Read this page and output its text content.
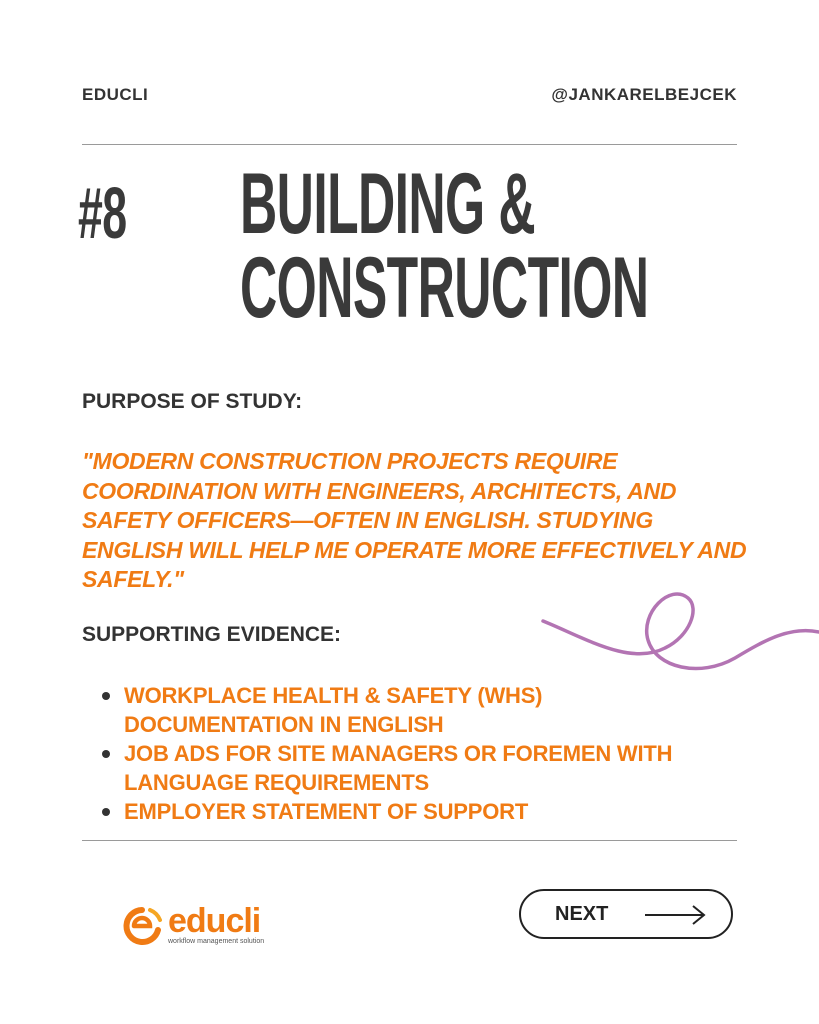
EDUCLI	@JANKARELBEJCEK
#8 BUILDING &
CONSTRUCTION
PURPOSE OF STUDY:
"MODERN CONSTRUCTION PROJECTS REQUIRE
COORDINATION WITH ENGINEERS, ARCHITECTS, AND
SAFETY OFFICERS—OFTEN IN ENGLISH. STUDYING
ENGLISH WILL HELP ME OPERATE MORE EFFECTIVELY AND
SAFELY."
SUPPORTING EVIDENCE:
WORKPLACE HEALTH & SAFETY (WHS)
DOCUMENTATION IN ENGLISH
JOB ADS FOR SITE MANAGERS OR FOREMEN WITH
LANGUAGE REQUIREMENTS
EMPLOYER STATEMENT OF SUPPORT
educli
workflow management solution
NEXT
